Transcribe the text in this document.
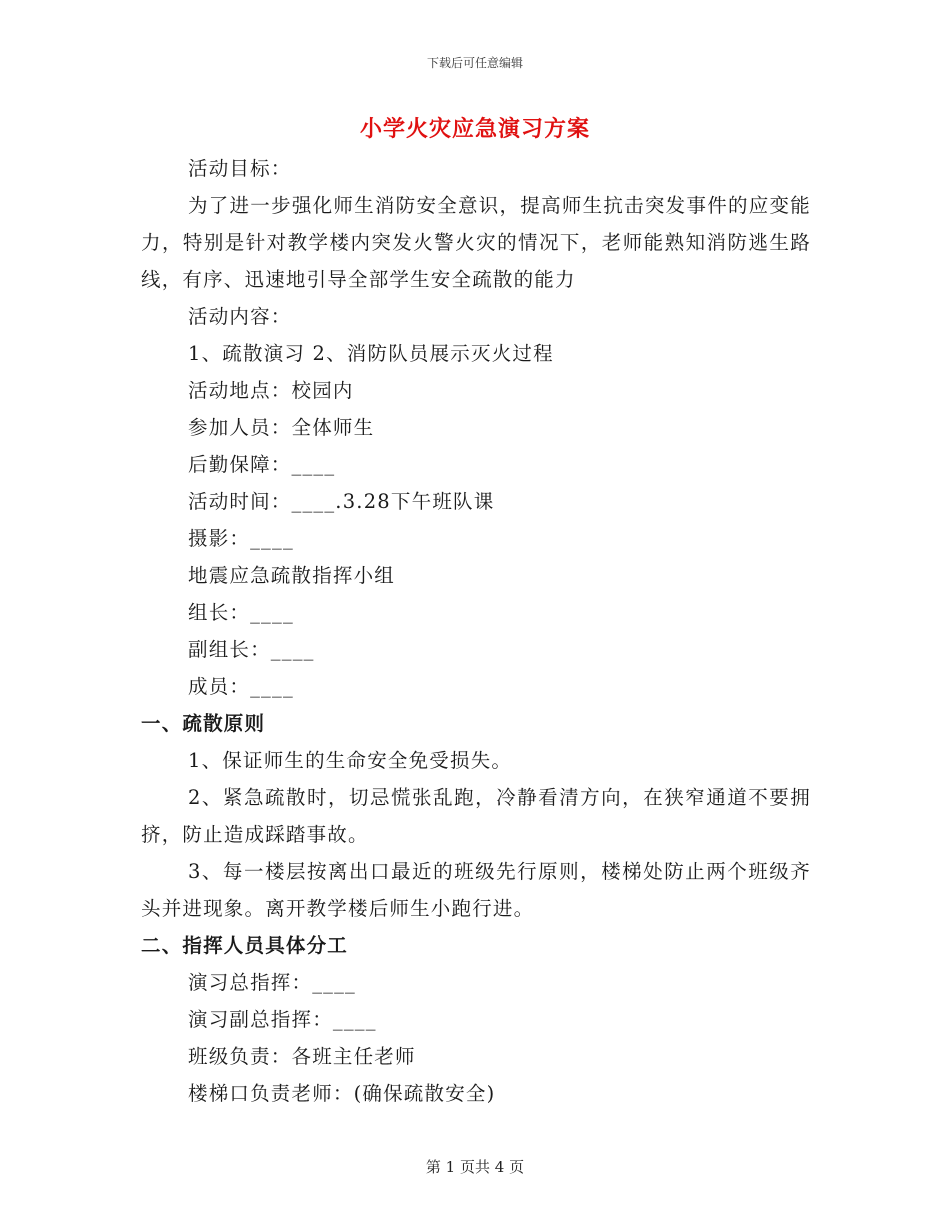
下载后可任意编辑
小学火灾应急演习方案
活动目标：
为了进一步强化师生消防安全意识，提高师生抗击突发事件的应变能力，特别是针对教学楼内突发火警火灾的情况下，老师能熟知消防逃生路线，有序、迅速地引导全部学生安全疏散的能力
活动内容：
1、疏散演习 2、消防队员展示灭火过程
活动地点：校园内
参加人员：全体师生
后勤保障：____
活动时间：____.3.28下午班队课
摄影：____
地震应急疏散指挥小组
组长：____
副组长：____
成员：____
一、疏散原则
1、保证师生的生命安全免受损失。
2、紧急疏散时，切忌慌张乱跑，冷静看清方向，在狭窄通道不要拥挤，防止造成踩踏事故。
3、每一楼层按离出口最近的班级先行原则，楼梯处防止两个班级齐头并进现象。离开教学楼后师生小跑行进。
二、指挥人员具体分工
演习总指挥：____
演习副总指挥：____
班级负责：各班主任老师
楼梯口负责老师：(确保疏散安全)
第 1 页共 4 页
